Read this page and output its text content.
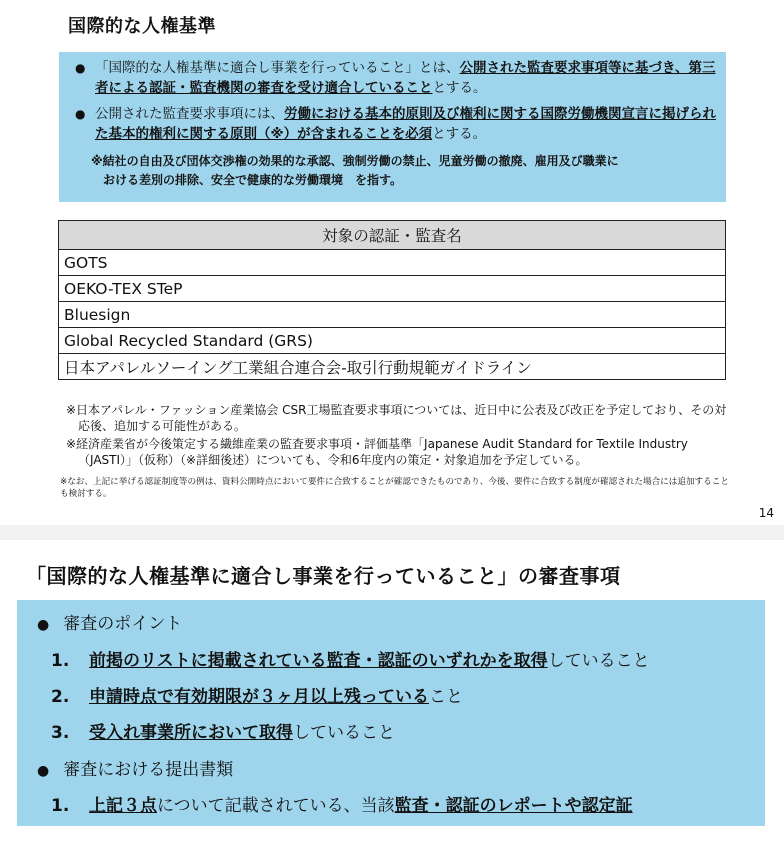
国際的な人権基準
● 「国際的な人権基準に適合し事業を行っていること」とは、公開された監査要求事項等に基づき、第三者による認証・監査機関の審査を受け適合していることとする。
● 公開された監査要求事項には、労働における基本的原則及び権利に関する国際労働機関宣言に掲げられた基本的権利に関する原則（※）が含まれることを必須とする。
※結社の自由及び団体交渉権の効果的な承認、強制労働の禁止、児童労働の撤廃、雇用及び職業に
おける差別の排除、安全で健康的な労働環境　を指す。
対象の認証・監査名
GOTS
OEKO-TEX STeP
Bluesign
Global Recycled Standard (GRS)
日本アパレルソーイング工業組合連合会-取引行動規範ガイドライン

※日本アパレル・ファッション産業協会 CSR工場監査要求事項については、近日中に公表及び改正を予定しており、その対応後、追加する可能性がある。

※経済産業省が今後策定する繊維産業の監査要求事項・評価基準「Japanese Audit Standard for Textile Industry（JASTI）」（仮称）（※詳細後述）についても、令和6年度内の策定・対象追加を予定している。

※なお、上記に挙げる認証制度等の例は、資料公開時点において要件に合致することが確認できたものであり、今後、要件に合致する制度が確認された場合には追加することも検討する。
14
「国際的な人権基準に適合し事業を行っていること」の審査事項
● 審査のポイント
1. 前掲のリストに掲載されている監査・認証のいずれかを取得していること
2. 申請時点で有効期限が３ヶ月以上残っていること
3. 受入れ事業所において取得していること
● 審査における提出書類
1. 上記３点について記載されている、当該監査・認証のレポートや認定証
